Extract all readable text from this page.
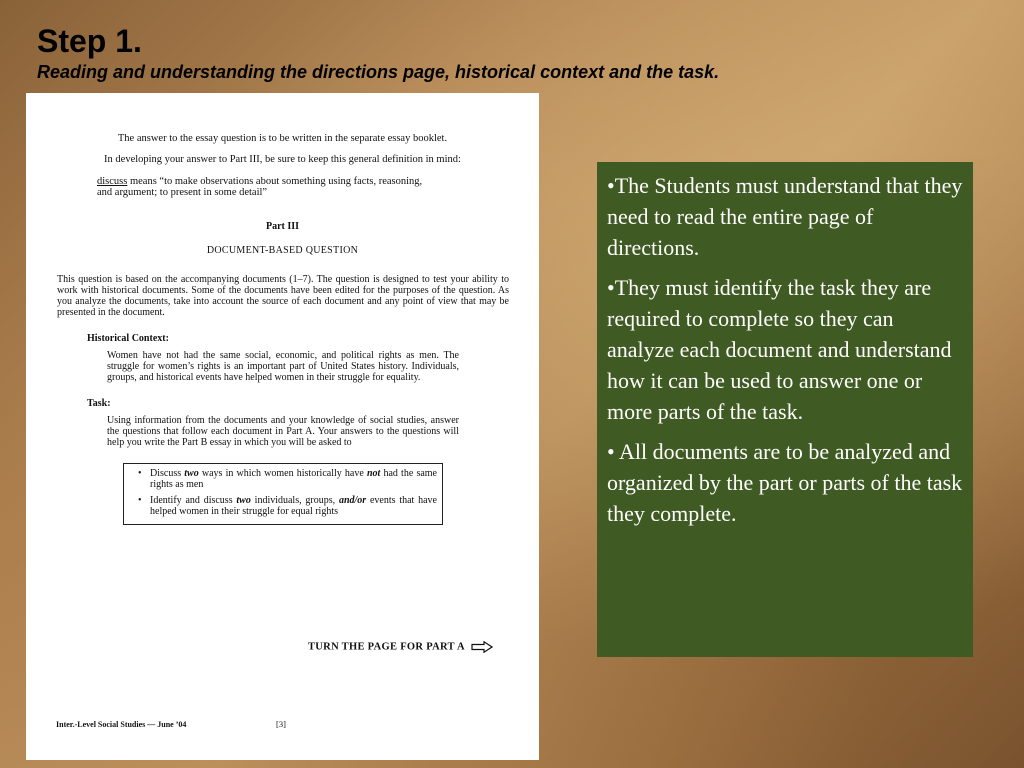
Step 1.

Reading and understanding the directions page, historical context and the task.

The answer to the essay question is to be written in the separate essay booklet.

In developing your answer to Part III, be sure to keep this general definition in mind:

discuss means “to make observations about something using facts, reasoning,
and argument; to present in some detail”

Part III

DOCUMENT-BASED QUESTION

This question is based on the accompanying documents (1–7). The question is designed to test your ability to work with historical documents. Some of the documents have been edited for the purposes of the question. As you analyze the documents, take into account the source of each document and any point of view that may be presented in the document.

Historical Context:

Women have not had the same social, economic, and political rights as men. The struggle for women’s rights is an important part of United States history. Individuals, groups, and historical events have helped women in their struggle for equality.

Task:

Using information from the documents and your knowledge of social studies, answer the questions that follow each document in Part A. Your answers to the questions will help you write the Part B essay in which you will be asked to

• Discuss two ways in which women historically have not had the same rights as men
• Identify and discuss two individuals, groups, and/or events that have helped women in their struggle for equal rights
TURN THE PAGE FOR PART A

Inter.-Level Social Studies — June ’04	[3]

•The Students must understand that they need to read the entire page of directions.

•They must identify the task they are required to complete so they can analyze each document and understand how it can be used to answer one or more parts of the task.

• All documents are to be analyzed and organized by the part or parts of the task they complete.
